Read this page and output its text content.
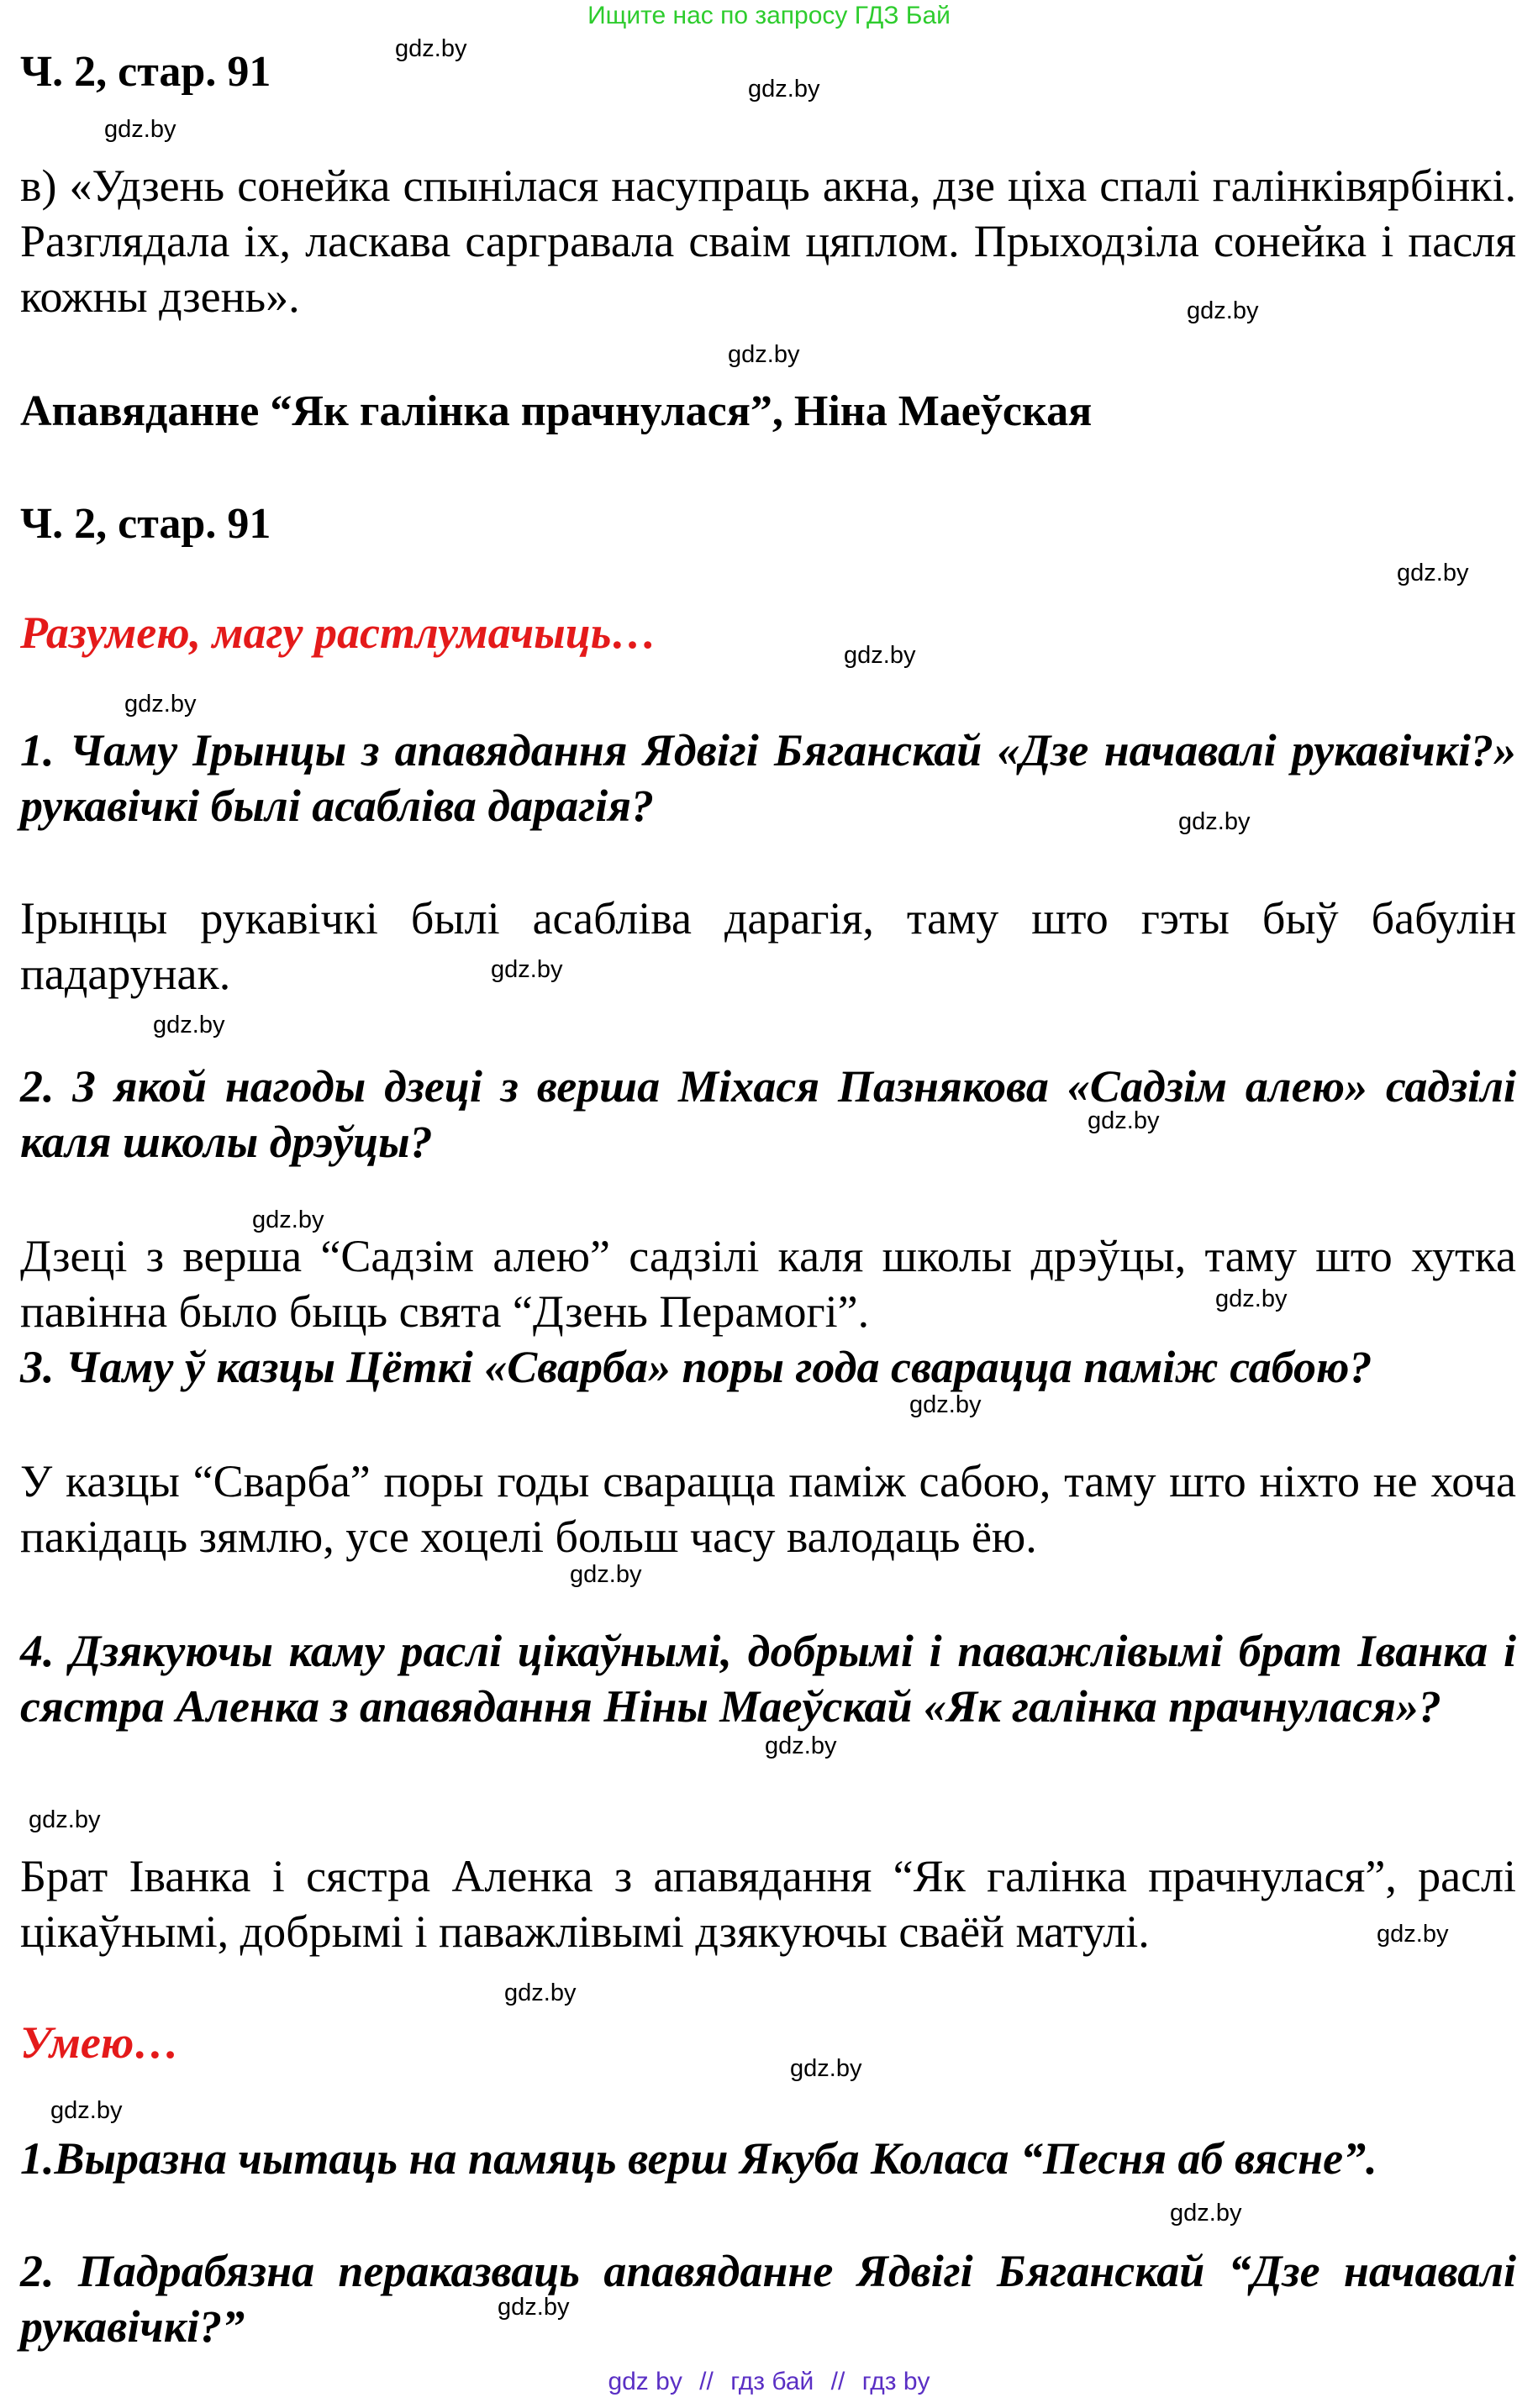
Ищите нас по запросу ГДЗ Бай
Ч. 2, стар. 91
в) «Удзень сонейка спынілася насупраць акна, дзе ціха спалі галінківярбінкі. Разглядала іх, ласкава саргравала сваім цяплом. Прыходзіла сонейка і пасля кожны дзень».
Апавяданне “Як галінка прачнулася”, Ніна Маеўская
Ч. 2, стар. 91
Разумею, магу растлумачыць…
1. Чаму Ірынцы з апавядання Ядвігі Бяганскай «Дзе начавалі рукавічкі?» рукавічкі былі асабліва дарагія?
Ірынцы рукавічкі былі асабліва дарагія, таму што гэты быў бабулін падарунак.
2. З якой нагоды дзеці з верша Міхася Пазнякова «Садзім алею» садзілі каля школы дрэўцы?
Дзеці з верша “Садзім алею” садзілі каля школы дрэўцы, таму што хутка павінна было быць свята “Дзень Перамогі”.
3. Чаму ў казцы Цёткі «Сварба» поры года сварацца паміж сабою?
У казцы “Сварба” поры годы сварацца паміж сабою, таму што ніхто не хоча пакідаць зямлю, усе хоцелі больш часу валодаць ёю.
4. Дзякуючы каму раслі цікаўнымі, добрымі і паважлівымі брат Іванка і сястра Аленка з апавядання Ніны Маеўскай «Як галінка прачнулася»?
Брат Іванка і сястра Аленка з апавядання “Як галінка прачнулася”, раслі цікаўнымі, добрымі і паважлівымі дзякуючы сваёй матулі.
Умею…
1.Выразна чытаць на памяць верш Якуба Коласа “Песня аб вясне”.
2. Падрабязна пераказваць апавяданне Ядвігі Бяганскай “Дзе начавалі рукавічкі?”
gdz.by
gdz.by
gdz.by
gdz.by
gdz.by
gdz.by
gdz.by
gdz.by
gdz.by
gdz.by
gdz.by
gdz.by
gdz.by
gdz.by
gdz.by
gdz.by
gdz.by
gdz.by
gdz.by
gdz.by
gdz.by
gdz.by
gdz.by
gdz.by
gdz by // гдз бай // гдз by
